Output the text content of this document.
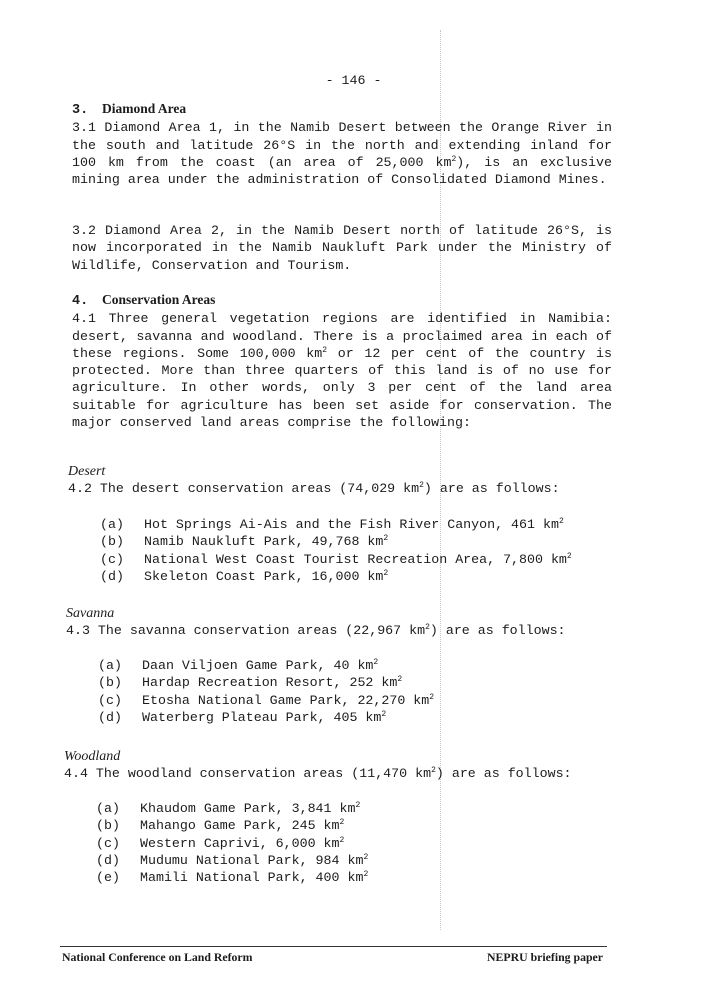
- 146 -

3. Diamond Area

3.1 Diamond Area 1, in the Namib Desert between the Orange River in the south and latitude 26°S in the north and extending inland for 100 km from the coast (an area of 25,000 $km^2$), is an exclusive mining area under the administration of Consolidated Diamond Mines.

3.2 Diamond Area 2, in the Namib Desert north of latitude 26°S, is now incorporated in the Namib Naukluft Park under the Ministry of Wildlife, Conservation and Tourism.

4. Conservation Areas

4.1 Three general vegetation regions are identified in Namibia: desert, savanna and woodland. There is a proclaimed area in each of these regions. Some 100,000 $km^2$ or 12 per cent of the country is protected. More than three quarters of this land is of no use for agriculture. In other words, only 3 per cent of the land area suitable for agriculture has been set aside for conservation. The major conserved land areas comprise the following:

Desert

4.2 The desert conservation areas (74,029 $km^2$) are as follows:

(a)	Hot Springs Ai-Ais and the Fish River Canyon, 461 $km^2$
(b)	Namib Naukluft Park, 49,768 $km^2$
(c)	National West Coast Tourist Recreation Area, 7,800 $km^2$
(d)	Skeleton Coast Park, 16,000 $km^2$

Savanna

4.3 The savanna conservation areas (22,967 $km^2$) are as follows:

(a)	Daan Viljoen Game Park, 40 $km^2$
(b)	Hardap Recreation Resort, 252 $km^2$
(c)	Etosha National Game Park, 22,270 $km^2$
(d)	Waterberg Plateau Park, 405 $km^2$

Woodland

4.4 The woodland conservation areas (11,470 $km^2$) are as follows:

(a)	Khaudom Game Park, 3,841 $km^2$
(b)	Mahango Game Park, 245 $km^2$
(c)	Western Caprivi, 6,000 $km^2$
(d)	Mudumu National Park, 984 $km^2$
(e)	Mamili National Park, 400 $km^2$
National Conference on Land Reform	NEPRU briefing paper
